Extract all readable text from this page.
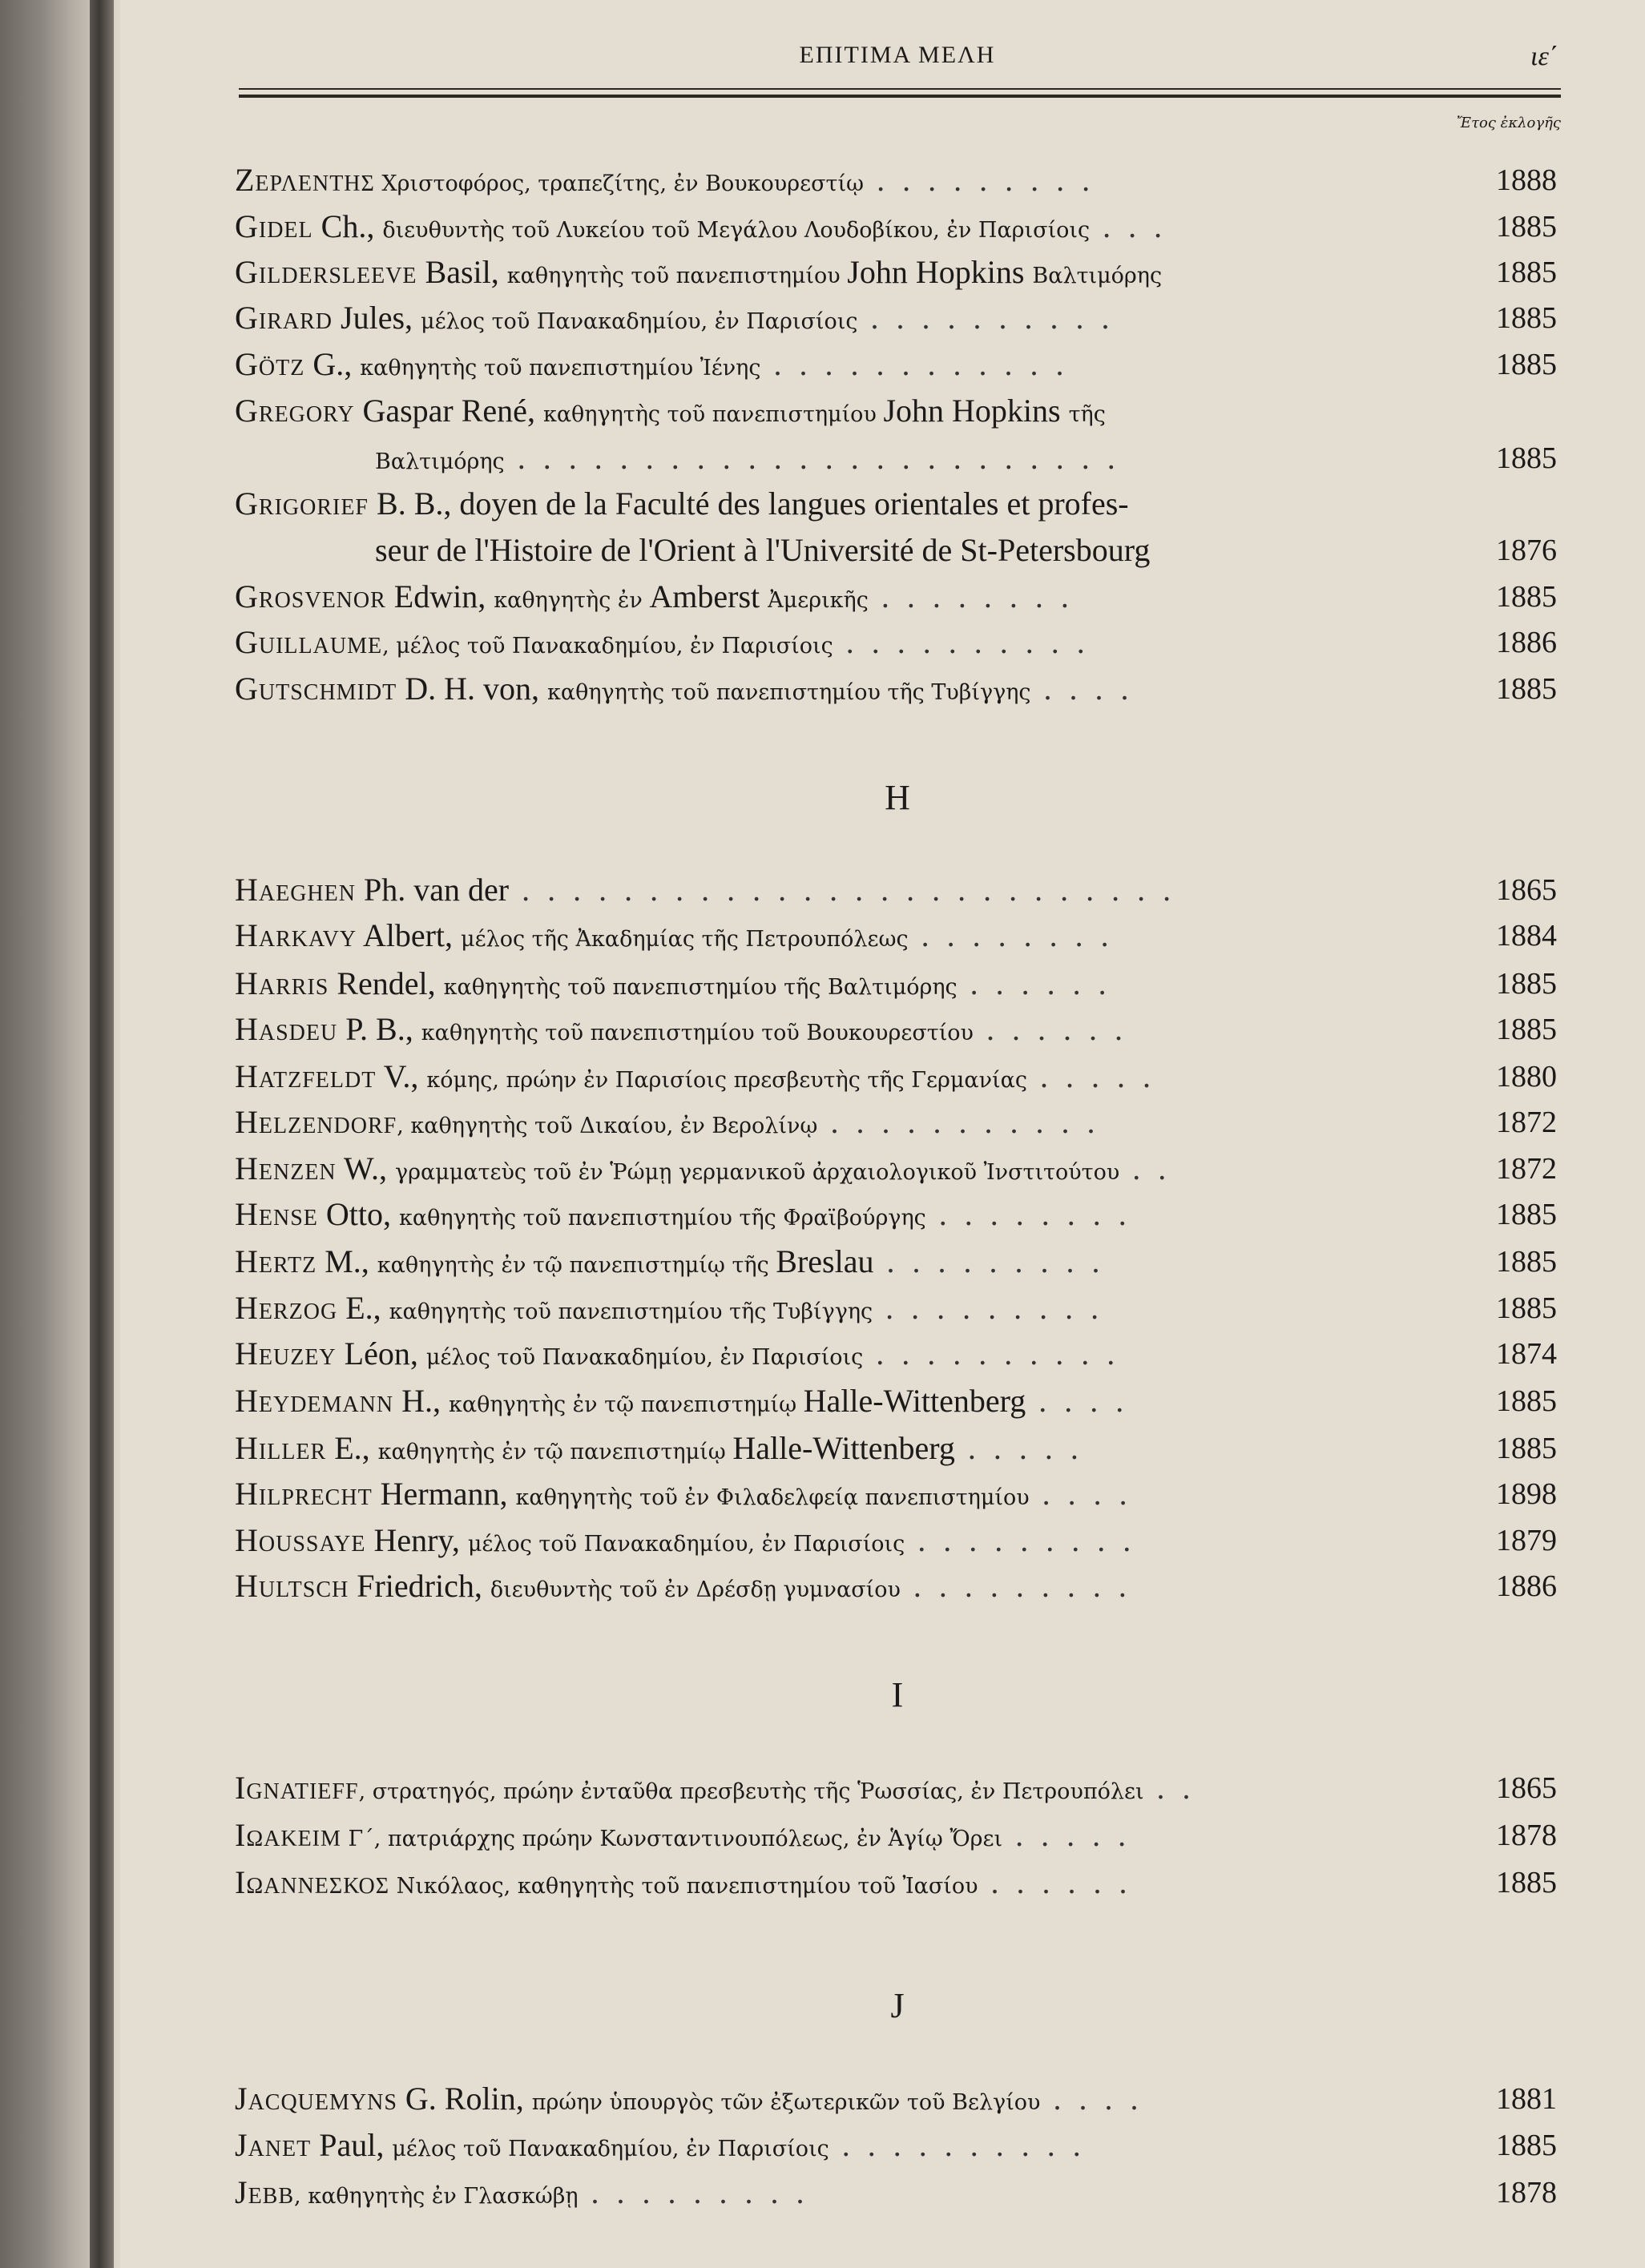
ΕΠΙΤΙΜΑ ΜΕΛΗ	ιε΄
Ἔτος ἐκλογῆς
Zερλεντης Χριστοφόρος, τραπεζίτης, ἐν Βουκουρεστίῳ . . . . . . . . .	1888
Gidel Ch., διευθυντὴς τοῦ Λυκείου τοῦ Μεγάλου Λουδοβίκου, ἐν Παρισίοις . . .	1885
Gildersleeve Basil, καθηγητὴς τοῦ πανεπιστημίου John Hopkins Βαλτιμόρης	1885
Girard Jules, μέλος τοῦ Πανακαδημίου, ἐν Παρισίοις . . . . . . . . . .	1885
Götz G., καθηγητὴς τοῦ πανεπιστημίου Ἰένης . . . . . . . . . . . .	1885
Gregory Gaspar René, καθηγητὴς τοῦ πανεπιστημίου John Hopkins τῆς
Βαλτιμόρης . . . . . . . . . . . . . . . . . . . . . . . .	1885
Grigorief B. B., doyen de la Faculté des langues orientales et profes-
seur de l'Histoire de l'Orient à l'Université de St-Petersbourg	1876
Grosvenor Edwin, καθηγητὴς ἐν Amberst Ἀμερικῆς . . . . . . . .	1885
Guillaume, μέλος τοῦ Πανακαδημίου, ἐν Παρισίοις . . . . . . . . . .	1886
Gutschmidt D. H. von, καθηγητὴς τοῦ πανεπιστημίου τῆς Τυβίγγης . . . .	1885
H
Haeghen Ph. van der . . . . . . . . . . . . . . . . . . . . . . . . . .	1865
Harkavy Albert, μέλος τῆς Ἀκαδημίας τῆς Πετρουπόλεως . . . . . . . .	1884
Harris Rendel, καθηγητὴς τοῦ πανεπιστημίου τῆς Βαλτιμόρης . . . . . .	1885
Hasdeu P. B., καθηγητὴς τοῦ πανεπιστημίου τοῦ Βουκουρεστίου . . . . . .	1885
Hatzfeldt V., κόμης, πρώην ἐν Παρισίοις πρεσβευτὴς τῆς Γερμανίας . . . . .	1880
Helzendorf, καθηγητὴς τοῦ Δικαίου, ἐν Βερολίνῳ . . . . . . . . . . .	1872
Henzen W., γραμματεὺς τοῦ ἐν Ῥώμῃ γερμανικοῦ ἀρχαιολογικοῦ Ἰνστιτούτου . .	1872
Hense Otto, καθηγητὴς τοῦ πανεπιστημίου τῆς Φραϊβούργης . . . . . . . .	1885
Hertz M., καθηγητὴς ἐν τῷ πανεπιστημίῳ τῆς Breslau . . . . . . . . .	1885
Herzog E., καθηγητὴς τοῦ πανεπιστημίου τῆς Τυβίγγης . . . . . . . . .	1885
Heuzey Léon, μέλος τοῦ Πανακαδημίου, ἐν Παρισίοις . . . . . . . . . .	1874
Heydemann H., καθηγητὴς ἐν τῷ πανεπιστημίῳ Halle-Wittenberg . . . .	1885
Hiller E., καθηγητὴς ἐν τῷ πανεπιστημίῳ Halle-Wittenberg . . . . .	1885
Hilprecht Hermann, καθηγητὴς τοῦ ἐν Φιλαδελφείᾳ πανεπιστημίου . . . .	1898
Houssaye Henry, μέλος τοῦ Πανακαδημίου, ἐν Παρισίοις . . . . . . . . .	1879
Hultsch Friedrich, διευθυντὴς τοῦ ἐν Δρέσδῃ γυμνασίου . . . . . . . . .	1886
I
Ignatieff, στρατηγός, πρώην ἐνταῦθα πρεσβευτὴς τῆς Ῥωσσίας, ἐν Πετρουπόλει . .	1865
Ιωακειμ Γ΄, πατριάρχης πρώην Κωνσταντινουπόλεως, ἐν Ἁγίῳ Ὄρει . . . . .	1878
Ιωαννεσκος Νικόλαος, καθηγητὴς τοῦ πανεπιστημίου τοῦ Ἰασίου . . . . . .	1885
J
Jacquemyns G. Rolin, πρώην ὑπουργὸς τῶν ἐξωτερικῶν τοῦ Βελγίου . . . .	1881
Janet Paul, μέλος τοῦ Πανακαδημίου, ἐν Παρισίοις . . . . . . . . . .	1885
Jebb, καθηγητὴς ἐν Γλασκώβῃ . . . . . . . . .	1878
